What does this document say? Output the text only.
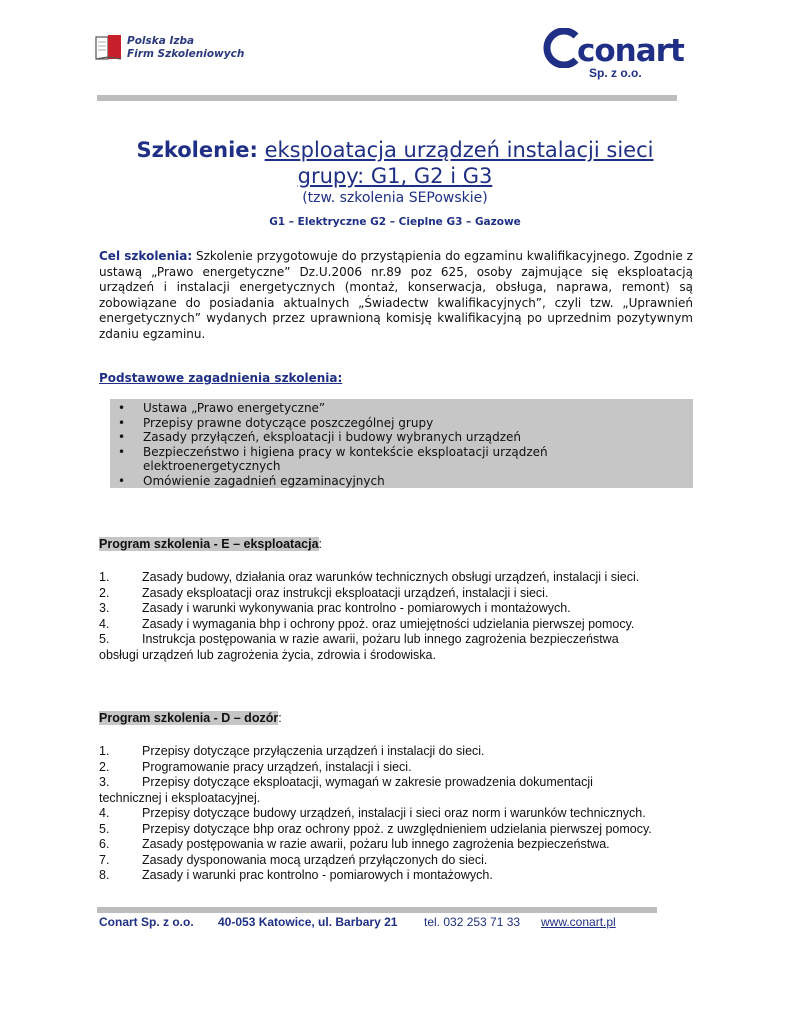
Polska Izba
Firm Szkoleniowych	conart
Sp. z o.o.
Szkolenie: eksploatacja urządzeń instalacji sieci
grupy: G1, G2 i G3
(tzw. szkolenia SEPowskie)
G1 – Elektryczne G2 – Cieplne G3 – Gazowe
Cel szkolenia: Szkolenie przygotowuje do przystąpienia do egzaminu kwalifikacyjnego. Zgodnie z ustawą „Prawo energetyczne” Dz.U.2006 nr.89 poz 625, osoby zajmujące się eksploatacją urządzeń i instalacji energetycznych (montaż, konserwacja, obsługa, naprawa, remont) są zobowiązane do posiadania aktualnych „Świadectw kwalifikacyjnych”, czyli tzw. „Uprawnień energetycznych” wydanych przez uprawnioną komisję kwalifikacyjną po uprzednim pozytywnym zdaniu egzaminu.
Podstawowe zagadnienia szkolenia:
• Ustawa „Prawo energetyczne”
• Przepisy prawne dotyczące poszczególnej grupy
• Zasady przyłączeń, eksploatacji i budowy wybranych urządzeń
• Bezpieczeństwo i higiena pracy w kontekście eksploatacji urządzeń
elektroenergetycznych
• Omówienie zagadnień egzaminacyjnych
Program szkolenia - E – eksploatacja:
1.	Zasady budowy, działania oraz warunków technicznych obsługi urządzeń, instalacji i sieci.
2.	Zasady eksploatacji oraz instrukcji eksploatacji urządzeń, instalacji i sieci.
3.	Zasady i warunki wykonywania prac kontrolno - pomiarowych i montażowych.
4.	Zasady i wymagania bhp i ochrony ppoż. oraz umiejętności udzielania pierwszej pomocy.
5.	Instrukcja postępowania w razie awarii, pożaru lub innego zagrożenia bezpieczeństwa
obsługi urządzeń lub zagrożenia życia, zdrowia i środowiska.
Program szkolenia - D – dozór:
1.	Przepisy dotyczące przyłączenia urządzeń i instalacji do sieci.
2.	Programowanie pracy urządzeń, instalacji i sieci.
3.	Przepisy dotyczące eksploatacji, wymagań w zakresie prowadzenia dokumentacji
technicznej i eksploatacyjnej.
4.	Przepisy dotyczące budowy urządzeń, instalacji i sieci oraz norm i warunków technicznych.
5.	Przepisy dotyczące bhp oraz ochrony ppoż. z uwzględnieniem udzielania pierwszej pomocy.
6.	Zasady postępowania w razie awarii, pożaru lub innego zagrożenia bezpieczeństwa.
7.	Zasady dysponowania mocą urządzeń przyłączonych do sieci.
8.	Zasady i warunki prac kontrolno - pomiarowych i montażowych.
Conart Sp. z o.o. 40-053 Katowice, ul. Barbary 21 tel. 032 253 71 33 www.conart.pl
